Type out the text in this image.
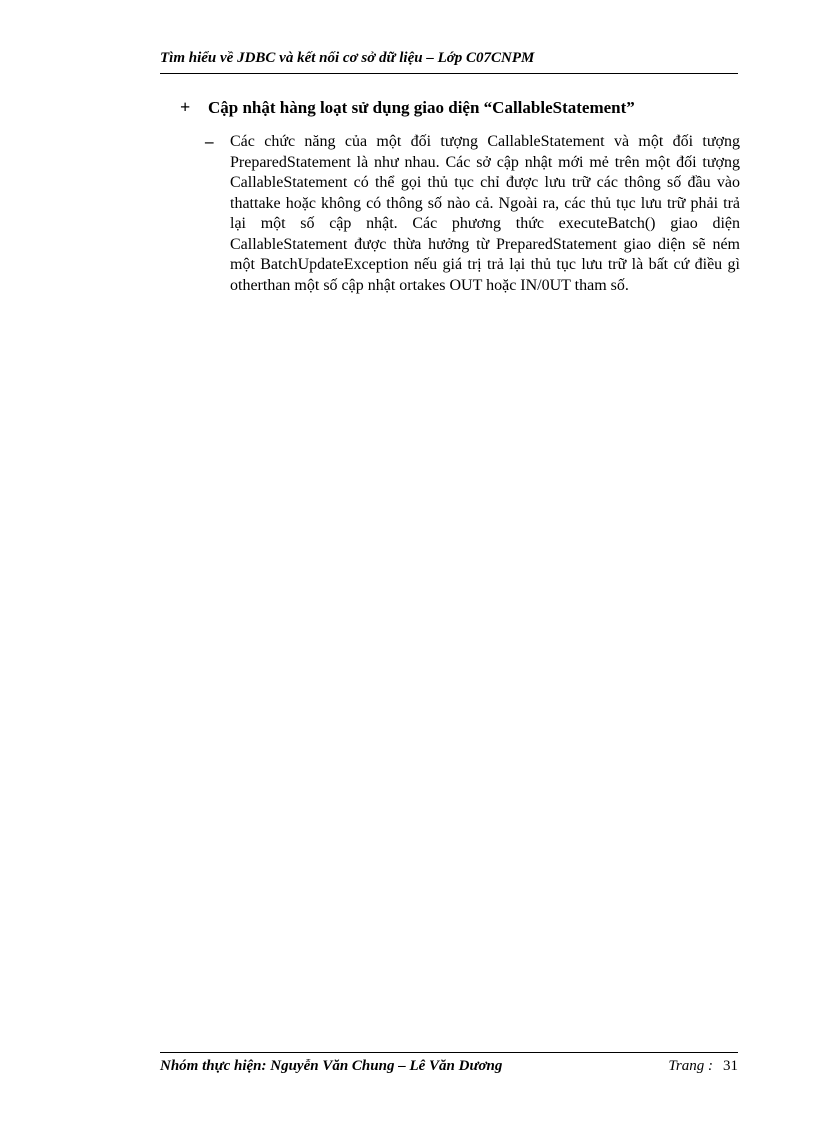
Tìm hiểu về JDBC và kết nối cơ sở dữ liệu – Lớp C07CNPM
+	Cập nhật hàng loạt sử dụng giao diện “CallableStatement”
–	Các chức năng của một đối tượng CallableStatement và một đối tượng PreparedStatement là như nhau. Các sở cập nhật mới mẻ trên một đối tượng CallableStatement có thể gọi thủ tục chỉ được lưu trữ các thông số đầu vào thattake hoặc không có thông số nào cả. Ngoài ra, các thủ tục lưu trữ phải trả lại một số cập nhật. Các phương thức executeBatch() giao diện CallableStatement được thừa hưởng từ PreparedStatement giao diện sẽ ném một BatchUpdateException nếu giá trị trả lại thủ tục lưu trữ là bất cứ điều gì otherthan một số cập nhật ortakes OUT hoặc IN/0UT tham số.
Nhóm thực hiện: Nguyễn Văn Chung – Lê Văn Dương	Trang : 31
